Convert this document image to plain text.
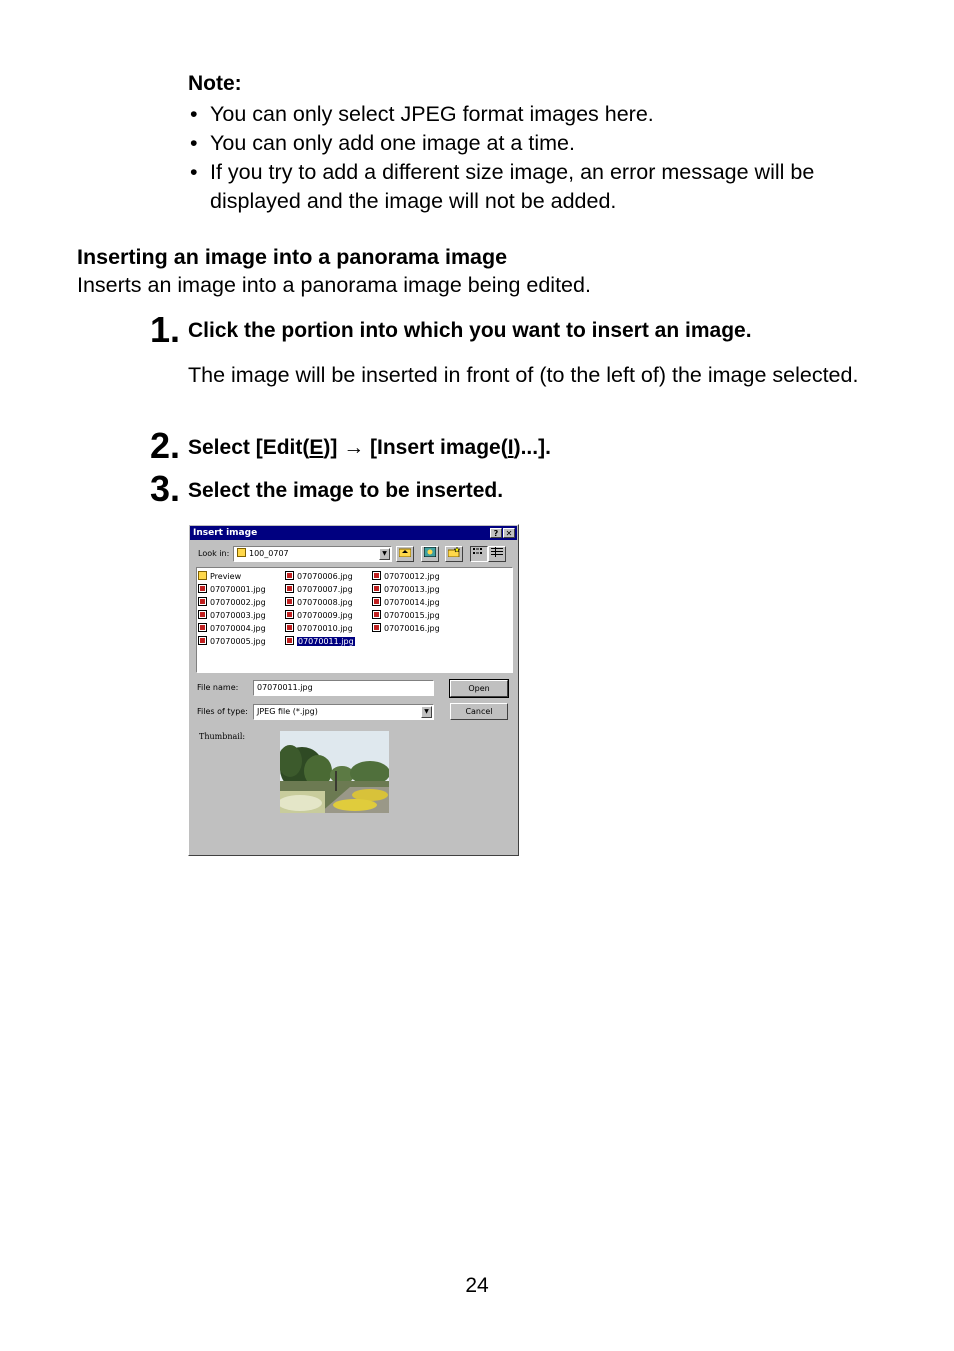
Note:
• You can only select JPEG format images here.
• You can only add one image at a time.
• If you try to add a different size image, an error message will be displayed and the image will not be added.
Inserting an image into a panorama image
Inserts an image into a panorama image being edited.
1. Click the portion into which you want to insert an image.
The image will be inserted in front of (to the left of) the image selected.
2. Select [Edit(E)] → [Insert image(I)...].
3. Select the image to be inserted.
Insert image	? ✕
Look in:	100_0707	▼
Preview
07070001.jpg
07070002.jpg
07070003.jpg
07070004.jpg
07070005.jpg
07070006.jpg
07070007.jpg
07070008.jpg
07070009.jpg
07070010.jpg
07070011.jpg
07070012.jpg
07070013.jpg
07070014.jpg
07070015.jpg
07070016.jpg
File name:	07070011.jpg	Open
Files of type:	JPEG file (*.jpg)	▼	Cancel
Thumbnail:
24
